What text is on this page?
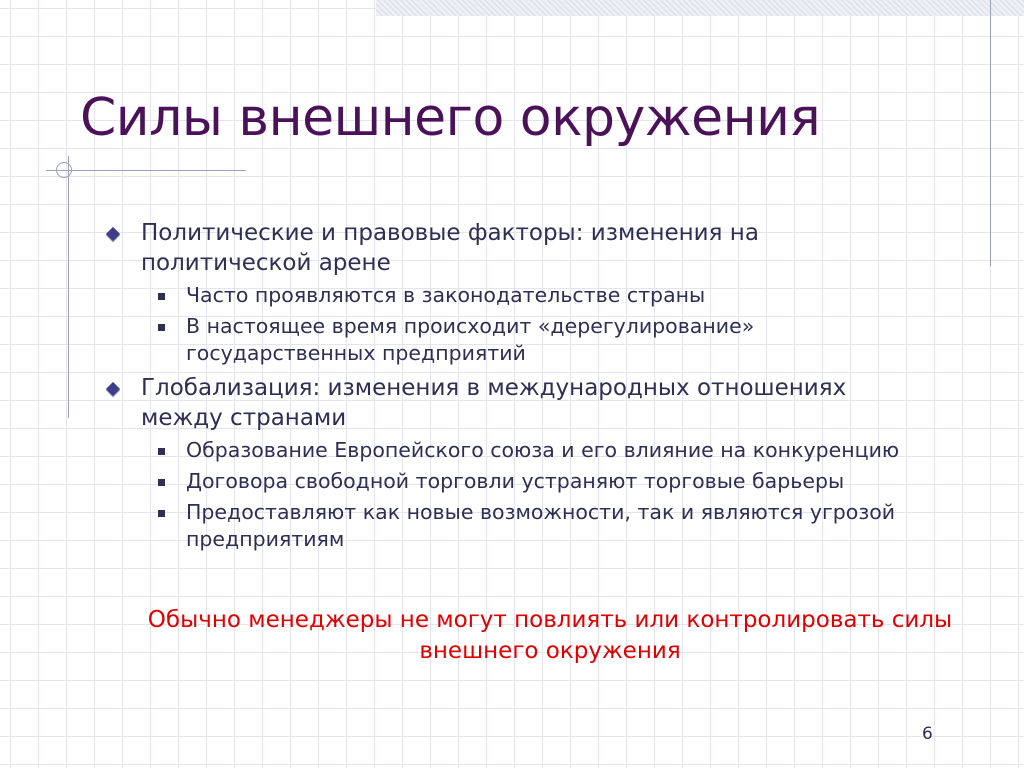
Силы внешнего окружения
Политические и правовые факторы: изменения на политической арене
Часто проявляются в законодательстве страны
В настоящее время происходит «дерегулирование» государственных предприятий
Глобализация: изменения в международных отношениях между странами
Образование Европейского союза и его влияние на конкуренцию
Договора свободной торговли устраняют торговые барьеры
Предоставляют как новые возможности, так и являются угрозой предприятиям
Обычно менеджеры не могут повлиять или контролировать силы внешнего окружения
6
